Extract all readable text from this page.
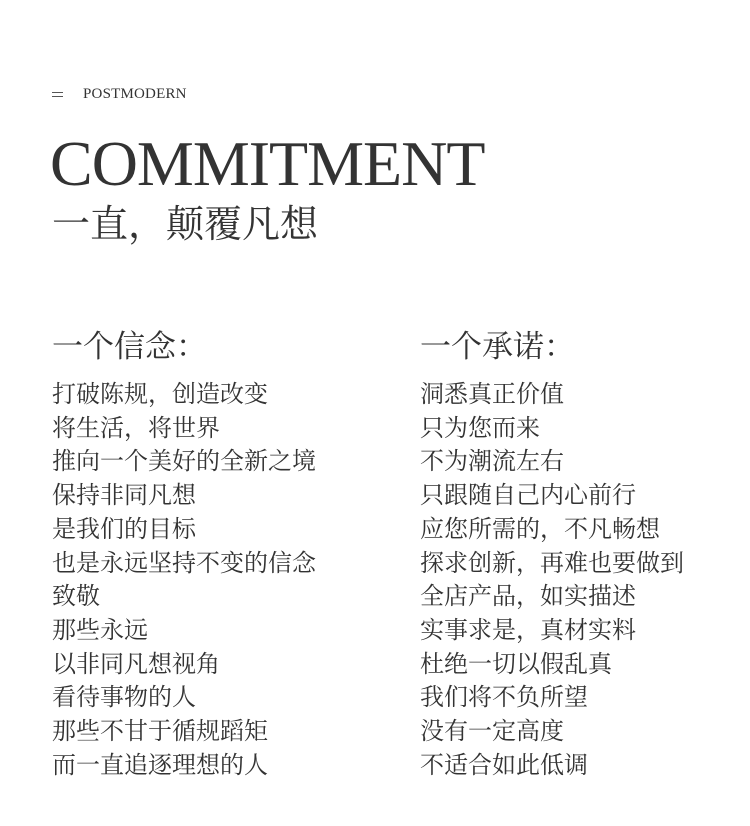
POSTMODERN
COMMITMENT
一直，颠覆凡想
一个信念：
打破陈规，创造改变
将生活，将世界
推向一个美好的全新之境
保持非同凡想
是我们的目标
也是永远坚持不变的信念
致敬
那些永远
以非同凡想视角
看待事物的人
那些不甘于循规蹈矩
而一直追逐理想的人
一个承诺：
洞悉真正价值
只为您而来
不为潮流左右
只跟随自己内心前行
应您所需的，不凡畅想
探求创新，再难也要做到
全店产品，如实描述
实事求是，真材实料
杜绝一切以假乱真
我们将不负所望
没有一定高度
不适合如此低调
